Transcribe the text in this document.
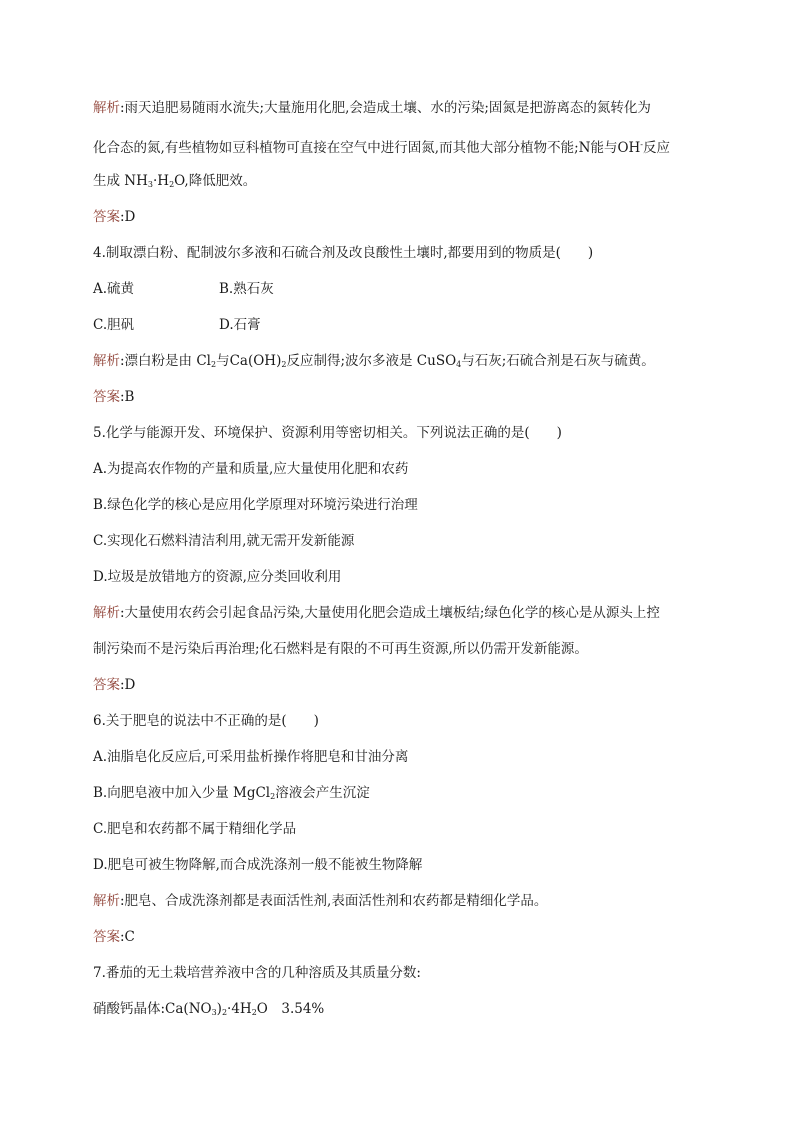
解析:雨天追肥易随雨水流失;大量施用化肥,会造成土壤、水的污染;固氮是把游离态的氮转化为
化合态的氮,有些植物如豆科植物可直接在空气中进行固氮,而其他大部分植物不能;N能与OH-反应
生成 $NH_3\cdot H_2O$,降低肥效。
答案:D
4.制取漂白粉、配制波尔多液和石硫合剂及改良酸性土壤时,都要用到的物质是(　　)
A.硫黄	B.熟石灰
C.胆矾	D.石膏
解析:漂白粉是由 $Cl_2$与$Ca(OH)_2$反应制得;波尔多液是 CuSO$_4$与石灰;石硫合剂是石灰与硫黄。
答案:B
5.化学与能源开发、环境保护、资源利用等密切相关。下列说法正确的是(　　)
A.为提高农作物的产量和质量,应大量使用化肥和农药
B.绿色化学的核心是应用化学原理对环境污染进行治理
C.实现化石燃料清洁利用,就无需开发新能源
D.垃圾是放错地方的资源,应分类回收利用
解析:大量使用农药会引起食品污染,大量使用化肥会造成土壤板结;绿色化学的核心是从源头上控
制污染而不是污染后再治理;化石燃料是有限的不可再生资源,所以仍需开发新能源。
答案:D
6.关于肥皂的说法中不正确的是(　　)
A.油脂皂化反应后,可采用盐析操作将肥皂和甘油分离
B.向肥皂液中加入少量 MgCl$_2$溶液会产生沉淀
C.肥皂和农药都不属于精细化学品
D.肥皂可被生物降解,而合成洗涤剂一般不能被生物降解
解析:肥皂、合成洗涤剂都是表面活性剂,表面活性剂和农药都是精细化学品。
答案:C
7.番茄的无土栽培营养液中含的几种溶质及其质量分数:
硝酸钙晶体$:Ca(NO_3)_2\cdot 4H_2O$　3.54%
